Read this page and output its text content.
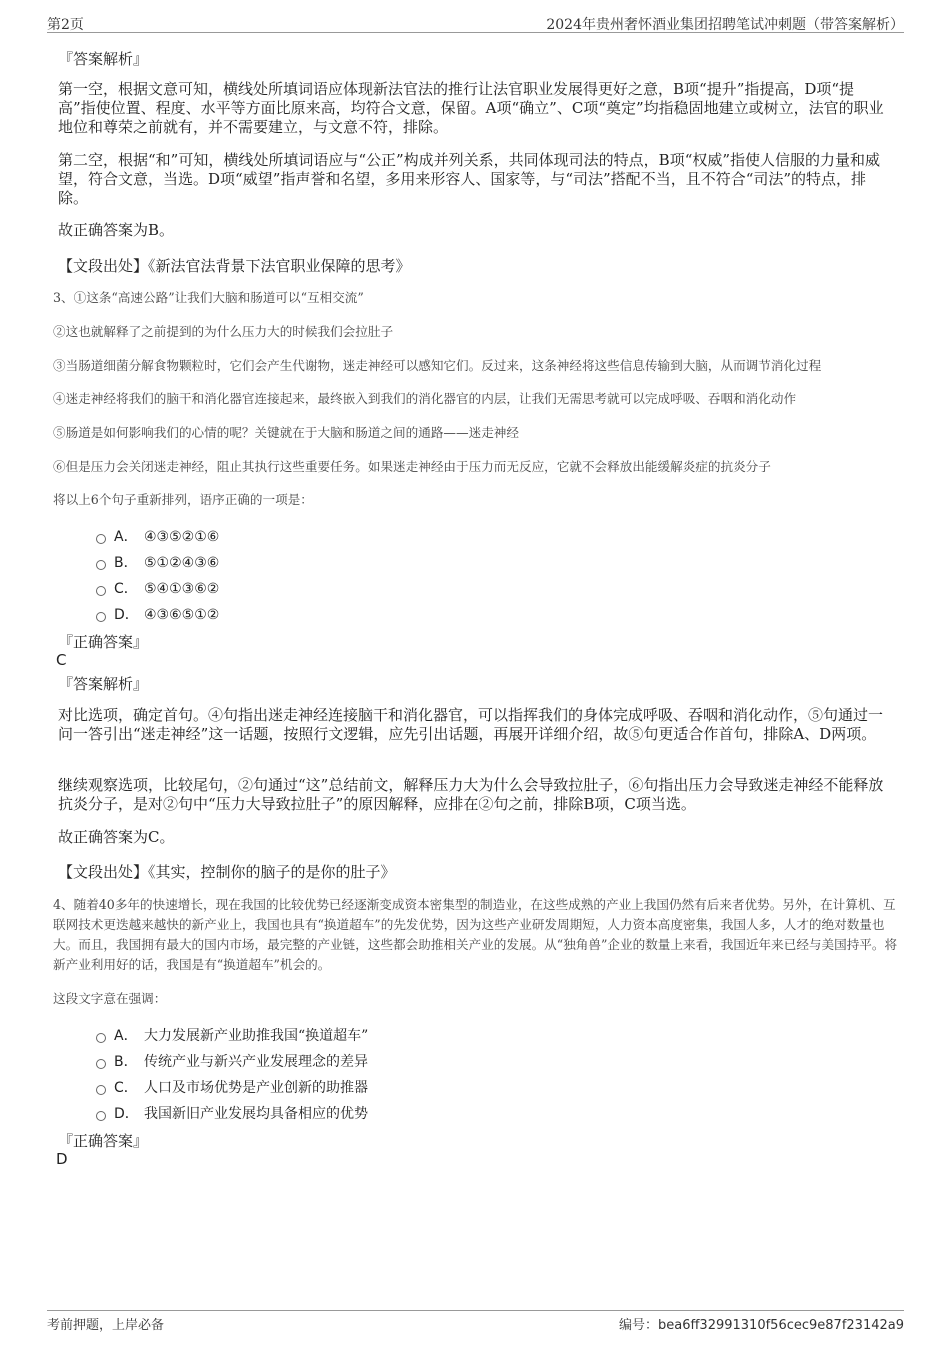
第2页	2024年贵州奢怀酒业集团招聘笔试冲刺题（带答案解析）
『答案解析』
第一空，根据文意可知，横线处所填词语应体现新法官法的推行让法官职业发展得更好之意，B项“提升”指提高，D项“提高”指使位置、程度、水平等方面比原来高，均符合文意，保留。A项“确立”、C项“奠定”均指稳固地建立或树立，法官的职业地位和尊荣之前就有，并不需要建立，与文意不符，排除。
第二空，根据“和”可知，横线处所填词语应与“公正”构成并列关系，共同体现司法的特点，B项“权威”指使人信服的力量和威望，符合文意，当选。D项“威望”指声誉和名望，多用来形容人、国家等，与“司法”搭配不当，且不符合“司法”的特点，排除。
故正确答案为B。
【文段出处】《新法官法背景下法官职业保障的思考》
3、①这条“高速公路”让我们大脑和肠道可以“互相交流”
②这也就解释了之前提到的为什么压力大的时候我们会拉肚子
③当肠道细菌分解食物颗粒时，它们会产生代谢物，迷走神经可以感知它们。反过来，这条神经将这些信息传输到大脑，从而调节消化过程
④迷走神经将我们的脑干和消化器官连接起来，最终嵌入到我们的消化器官的内层，让我们无需思考就可以完成呼吸、吞咽和消化动作
⑤肠道是如何影响我们的心情的呢？关键就在于大脑和肠道之间的通路——迷走神经
⑥但是压力会关闭迷走神经，阻止其执行这些重要任务。如果迷走神经由于压力而无反应，它就不会释放出能缓解炎症的抗炎分子
将以上6个句子重新排列，语序正确的一项是：
A． ④③⑤②①⑥
B． ⑤①②④③⑥
C． ⑤④①③⑥②
D． ④③⑥⑤①②
『正确答案』
C
『答案解析』
对比选项，确定首句。④句指出迷走神经连接脑干和消化器官，可以指挥我们的身体完成呼吸、吞咽和消化动作，⑤句通过一问一答引出“迷走神经”这一话题，按照行文逻辑，应先引出话题，再展开详细介绍，故⑤句更适合作首句，排除A、D两项。
继续观察选项，比较尾句，②句通过“这”总结前文，解释压力大为什么会导致拉肚子，⑥句指出压力会导致迷走神经不能释放抗炎分子，是对②句中“压力大导致拉肚子”的原因解释，应排在②句之前，排除B项，C项当选。
故正确答案为C。
【文段出处】《其实，控制你的脑子的是你的肚子》
4、随着40多年的快速增长，现在我国的比较优势已经逐渐变成资本密集型的制造业，在这些成熟的产业上我国仍然有后来者优势。另外，在计算机、互联网技术更迭越来越快的新产业上，我国也具有“换道超车”的先发优势，因为这些产业研发周期短，人力资本高度密集，我国人多，人才的绝对数量也大。而且，我国拥有最大的国内市场，最完整的产业链，这些都会助推相关产业的发展。从“独角兽”企业的数量上来看，我国近年来已经与美国持平。将新产业利用好的话，我国是有“换道超车”机会的。
这段文字意在强调：
A． 大力发展新产业助推我国“换道超车”
B． 传统产业与新兴产业发展理念的差异
C． 人口及市场优势是产业创新的助推器
D． 我国新旧产业发展均具备相应的优势
『正确答案』
D
考前押题，上岸必备	编号：bea6ff32991310f56cec9e87f23142a9
